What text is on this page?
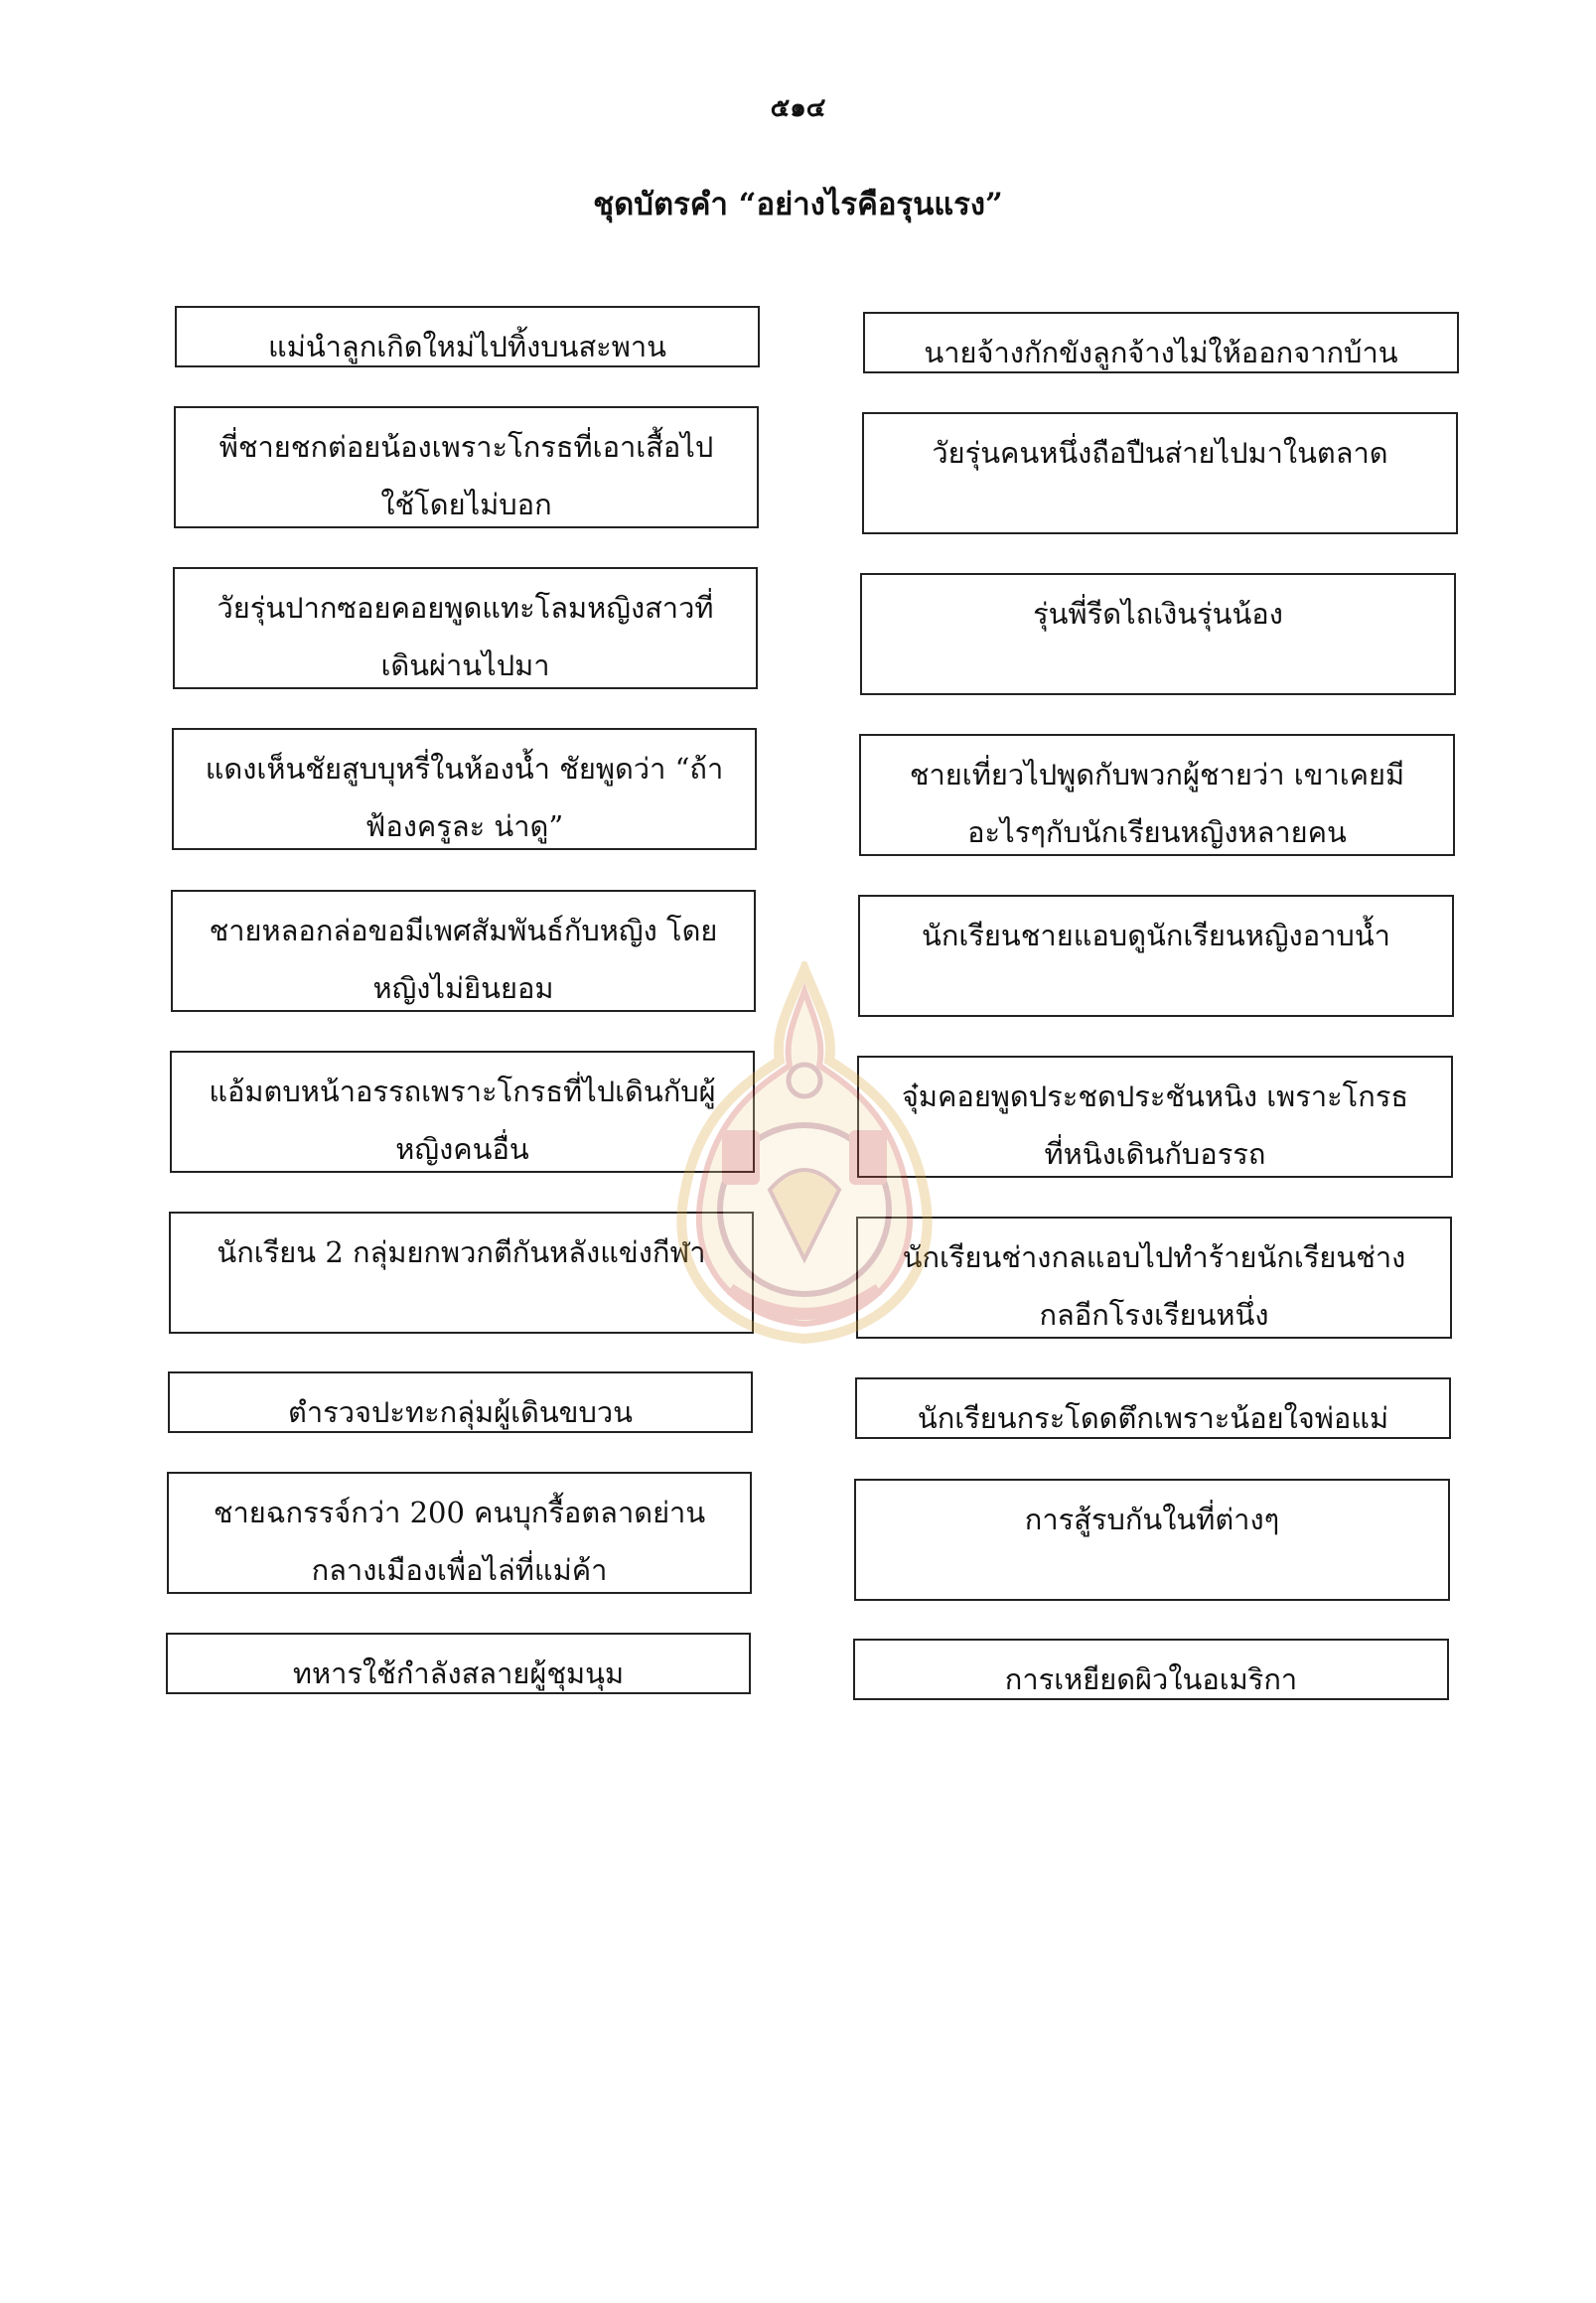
๕๑๔
ชุดบัตรคำ “อย่างไรคือรุนแรง”
แม่นำลูกเกิดใหม่ไปทิ้งบนสะพาน
พี่ชายชกต่อยน้องเพราะโกรธที่เอาเสื้อไปใช้โดยไม่บอก
วัยรุ่นปากซอยคอยพูดแทะโลมหญิงสาวที่เดินผ่านไปมา
แดงเห็นชัยสูบบุหรี่ในห้องน้ำ ชัยพูดว่า “ถ้าฟ้องครูละ น่าดู”
ชายหลอกล่อขอมีเพศสัมพันธ์กับหญิง โดยหญิงไม่ยินยอม
แอ้มตบหน้าอรรถเพราะโกรธที่ไปเดินกับผู้หญิงคนอื่น
นักเรียน 2 กลุ่มยกพวกตีกันหลังแข่งกีฬา
ตำรวจปะทะกลุ่มผู้เดินขบวน
ชายฉกรรจ์กว่า 200 คนบุกรื้อตลาดย่านกลางเมืองเพื่อไล่ที่แม่ค้า
ทหารใช้กำลังสลายผู้ชุมนุม
นายจ้างกักขังลูกจ้างไม่ให้ออกจากบ้าน
วัยรุ่นคนหนึ่งถือปืนส่ายไปมาในตลาด
รุ่นพี่รีดไถเงินรุ่นน้อง
ชายเที่ยวไปพูดกับพวกผู้ชายว่า เขาเคยมีอะไรๆกับนักเรียนหญิงหลายคน
นักเรียนชายแอบดูนักเรียนหญิงอาบน้ำ
จุ๋มคอยพูดประชดประชันหนิง เพราะโกรธที่หนิงเดินกับอรรถ
นักเรียนช่างกลแอบไปทำร้ายนักเรียนช่างกลอีกโรงเรียนหนึ่ง
นักเรียนกระโดดตึกเพราะน้อยใจพ่อแม่
การสู้รบกันในที่ต่างๆ
การเหยียดผิวในอเมริกา
